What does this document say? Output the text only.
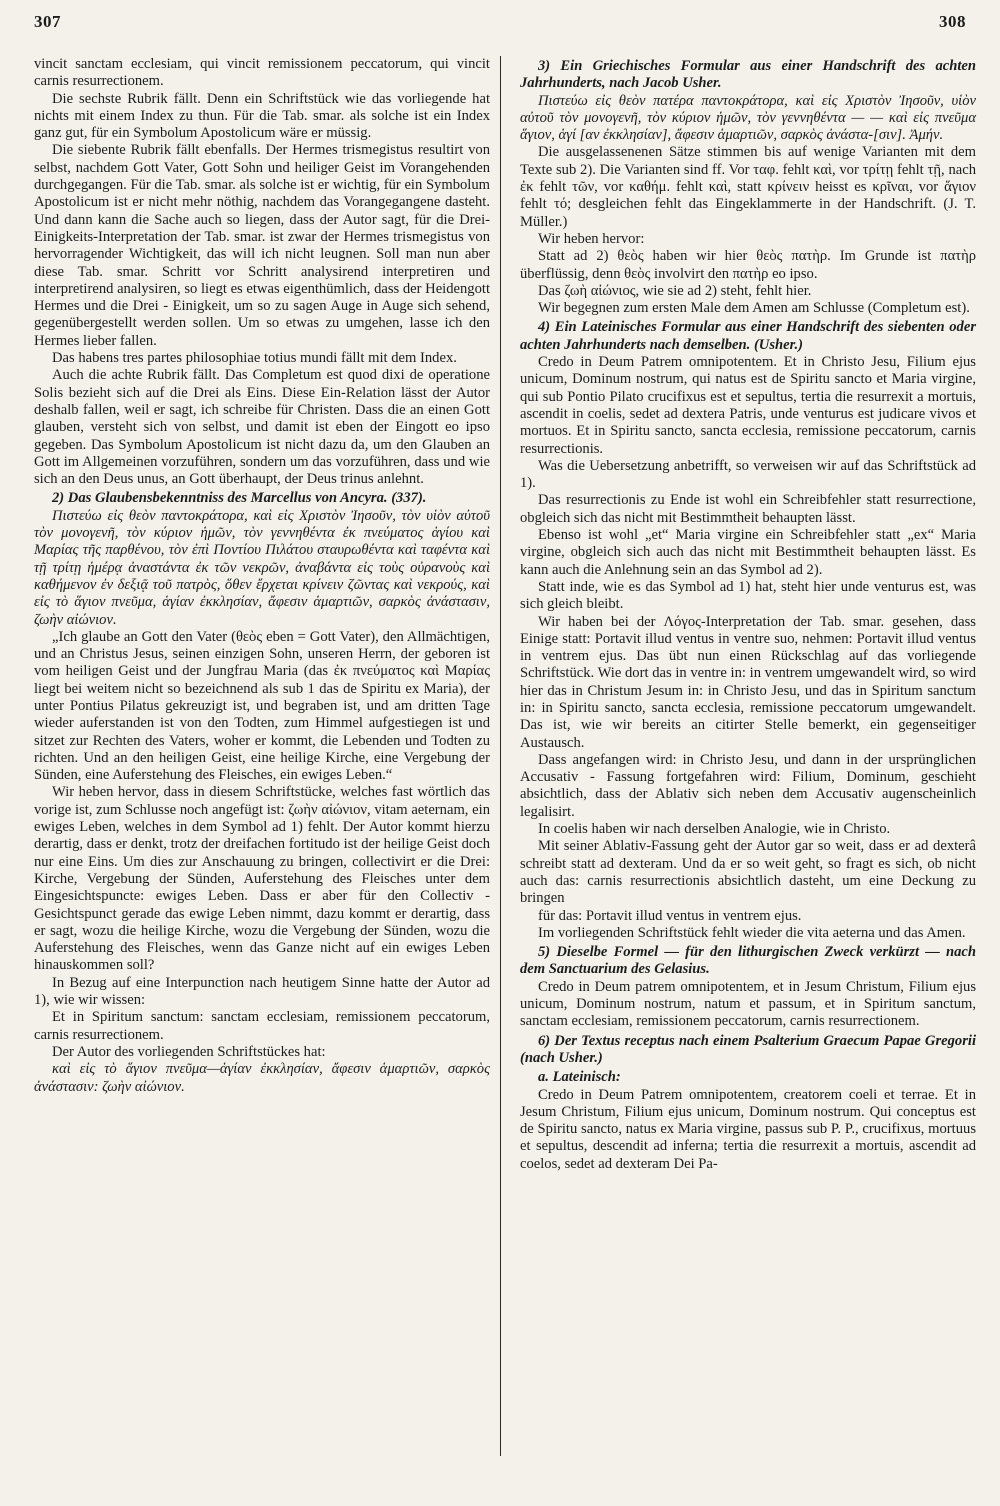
307	308

vincit sanctam ecclesiam, qui vincit remissionem peccatorum, qui vincit carnis resurrectionem.

Die sechste Rubrik fällt. Denn ein Schriftstück wie das vorliegende hat nichts mit einem Index zu thun. Für die Tab. smar. als solche ist ein Index ganz gut, für ein Symbolum Apostolicum wäre er müssig.

Die siebente Rubrik fällt ebenfalls. Der Hermes trismegistus resultirt von selbst, nachdem Gott Vater, Gott Sohn und heiliger Geist im Vorangehenden durchgegangen. Für die Tab. smar. als solche ist er wichtig, für ein Symbolum Apostolicum ist er nicht mehr nöthig, nachdem das Vorangegangene dasteht. Und dann kann die Sache auch so liegen, dass der Autor sagt, für die Drei-Einigkeits-Interpretation der Tab. smar. ist zwar der Hermes trismegistus von hervorragender Wichtigkeit, das will ich nicht leugnen. Soll man nun aber diese Tab. smar. Schritt vor Schritt analysirend interpretiren und interpretirend analysiren, so liegt es etwas eigenthümlich, dass der Heidengott Hermes und die Drei - Einigkeit, um so zu sagen Auge in Auge sich sehend, gegenübergestellt werden sollen. Um so etwas zu umgehen, lasse ich den Hermes lieber fallen.

Das habens tres partes philosophiae totius mundi fällt mit dem Index.

Auch die achte Rubrik fällt. Das Completum est quod dixi de operatione Solis bezieht sich auf die Drei als Eins. Diese Ein-Relation lässt der Autor deshalb fallen, weil er sagt, ich schreibe für Christen. Dass die an einen Gott glauben, versteht sich von selbst, und damit ist eben der Eingott eo ipso gegeben. Das Symbolum Apostolicum ist nicht dazu da, um den Glauben an Gott im Allgemeinen vorzuführen, sondern um das vorzuführen, dass und wie sich an den Deus unus, an Gott überhaupt, der Deus trinus anlehnt.

2) Das Glaubensbekenntniss des Marcellus von Ancyra. (337).

Πιστεύω εἰς θεὸν παντοκράτορα, καὶ εἰς Χριστὸν Ἰησοῦν, τὸν υἱὸν αὐτοῦ τὸν μονογενῆ, τὸν κύριον ἡμῶν, τὸν γεννηθέντα ἐκ πνεύματος ἁγίου καὶ Μαρίας τῆς παρθένου, τὸν ἐπὶ Ποντίου Πιλάτου σταυρωθέντα καὶ ταφέντα καὶ τῇ τρίτῃ ἡμέρᾳ ἀναστάντα ἐκ τῶν νεκρῶν, ἀναβάντα εἰς τοὺς οὐρανοὺς καὶ καθήμενον ἐν δεξιᾷ τοῦ πατρὸς, ὅθεν ἔρχεται κρίνειν ζῶντας καὶ νεκρούς, καὶ εἰς τὸ ἅγιον πνεῦμα, ἁγίαν ἐκκλησίαν, ἄφεσιν ἁμαρτιῶν, σαρκὸς ἀνάστασιν, ζωὴν αἰώνιον.

„Ich glaube an Gott den Vater (θεὸς eben = Gott Vater), den Allmächtigen, und an Christus Jesus, seinen einzigen Sohn, unseren Herrn, der geboren ist vom heiligen Geist und der Jungfrau Maria (das ἐκ πνεύματος καὶ Μαρίας liegt bei weitem nicht so bezeichnend als sub 1 das de Spiritu ex Maria), der unter Pontius Pilatus gekreuzigt ist, und begraben ist, und am dritten Tage wieder auferstanden ist von den Todten, zum Himmel aufgestiegen ist und sitzet zur Rechten des Vaters, woher er kommt, die Lebenden und Todten zu richten. Und an den heiligen Geist, eine heilige Kirche, eine Vergebung der Sünden, eine Auferstehung des Fleisches, ein ewiges Leben.“

Wir heben hervor, dass in diesem Schriftstücke, welches fast wörtlich das vorige ist, zum Schlusse noch angefügt ist: ζωὴν αἰώνιον, vitam aeternam, ein ewiges Leben, welches in dem Symbol ad 1) fehlt. Der Autor kommt hierzu derartig, dass er denkt, trotz der dreifachen fortitudo ist der heilige Geist doch nur eine Eins. Um dies zur Anschauung zu bringen, collectivirt er die Drei: Kirche, Vergebung der Sünden, Auferstehung des Fleisches unter dem Eingesichtspuncte: ewiges Leben. Dass er aber für den Collectiv - Gesichtspunct gerade das ewige Leben nimmt, dazu kommt er derartig, dass er sagt, wozu die heilige Kirche, wozu die Vergebung der Sünden, wozu die Auferstehung des Fleisches, wenn das Ganze nicht auf ein ewiges Leben hinauskommen soll?

In Bezug auf eine Interpunction nach heutigem Sinne hatte der Autor ad 1), wie wir wissen:

Et in Spiritum sanctum: sanctam ecclesiam, remissionem peccatorum, carnis resurrectionem.

Der Autor des vorliegenden Schriftstückes hat:

καὶ εἰς τὸ ἅγιον πνεῦμα—ἁγίαν ἐκκλησίαν, ἄφεσιν ἁμαρτιῶν, σαρκὸς ἀνάστασιν: ζωὴν αἰώνιον.

3) Ein Griechisches Formular aus einer Handschrift des achten Jahrhunderts, nach Jacob Usher.

Πιστεύω εἰς θεὸν πατέρα παντοκράτορα, καὶ εἰς Χριστὸν Ἰησοῦν, υἱὸν αὐτοῦ τὸν μονογενῆ, τὸν κύριον ἡμῶν, τὸν γεννηθέντα — — καὶ εἰς πνεῦμα ἅγιον, ἁγί [αν ἐκκλησίαν], ἄφεσιν ἁμαρτιῶν, σαρκὸς ἀνάστα-[σιν]. Ἀμήν.

Die ausgelassenenen Sätze stimmen bis auf wenige Varianten mit dem Texte sub 2). Die Varianten sind ff. Vor ταφ. fehlt καὶ, vor τρίτῃ fehlt τῇ, nach ἐκ fehlt τῶν, vor καθήμ. fehlt καὶ, statt κρίνειν heisst es κρῖναι, vor ἅγιον fehlt τό; desgleichen fehlt das Eingeklammerte in der Handschrift. (J. T. Müller.)

Wir heben hervor:

Statt ad 2) θεὸς haben wir hier θεὸς πατὴρ. Im Grunde ist πατὴρ überflüssig, denn θεὸς involvirt den πατὴρ eo ipso.

Das ζωὴ αἰώνιος, wie sie ad 2) steht, fehlt hier.

Wir begegnen zum ersten Male dem Amen am Schlusse (Completum est).

4) Ein Lateinisches Formular aus einer Handschrift des siebenten oder achten Jahrhunderts nach demselben. (Usher.)

Credo in Deum Patrem omnipotentem. Et in Christo Jesu, Filium ejus unicum, Dominum nostrum, qui natus est de Spiritu sancto et Maria virgine, qui sub Pontio Pilato crucifixus est et sepultus, tertia die resurrexit a mortuis, ascendit in coelis, sedet ad dextera Patris, unde venturus est judicare vivos et mortuos. Et in Spiritu sancto, sancta ecclesia, remissione peccatorum, carnis resurrectionis.

Was die Uebersetzung anbetrifft, so verweisen wir auf das Schriftstück ad 1).

Das resurrectionis zu Ende ist wohl ein Schreibfehler statt resurrectione, obgleich sich das nicht mit Bestimmtheit behaupten lässt.

Ebenso ist wohl „et“ Maria virgine ein Schreibfehler statt „ex“ Maria virgine, obgleich sich auch das nicht mit Bestimmtheit behaupten lässt. Es kann auch die Anlehnung sein an das Symbol ad 2).

Statt inde, wie es das Symbol ad 1) hat, steht hier unde venturus est, was sich gleich bleibt.

Wir haben bei der Λόγος-Interpretation der Tab. smar. gesehen, dass Einige statt: Portavit illud ventus in ventre suo, nehmen: Portavit illud ventus in ventrem ejus. Das übt nun einen Rückschlag auf das vorliegende Schriftstück. Wie dort das in ventre in: in ventrem umgewandelt wird, so wird hier das in Christum Jesum in: in Christo Jesu, und das in Spiritum sanctum in: in Spiritu sancto, sancta ecclesia, remissione peccatorum umgewandelt. Das ist, wie wir bereits an citirter Stelle bemerkt, ein gegenseitiger Austausch.

Dass angefangen wird: in Christo Jesu, und dann in der ursprünglichen Accusativ - Fassung fortgefahren wird: Filium, Dominum, geschieht absichtlich, dass der Ablativ sich neben dem Accusativ augenscheinlich legalisirt.

In coelis haben wir nach derselben Analogie, wie in Christo.

Mit seiner Ablativ-Fassung geht der Autor gar so weit, dass er ad dexterâ schreibt statt ad dexteram. Und da er so weit geht, so fragt es sich, ob nicht auch das: carnis resurrectionis absichtlich dasteht, um eine Deckung zu bringen

für das: Portavit illud ventus in ventrem ejus.

Im vorliegenden Schriftstück fehlt wieder die vita aeterna und das Amen.

5) Dieselbe Formel — für den lithurgischen Zweck verkürzt — nach dem Sanctuarium des Gelasius.

Credo in Deum patrem omnipotentem, et in Jesum Christum, Filium ejus unicum, Dominum nostrum, natum et passum, et in Spiritum sanctum, sanctam ecclesiam, remissionem peccatorum, carnis resurrectionem.

6) Der Textus receptus nach einem Psalterium Graecum Papae Gregorii (nach Usher.)

a. Lateinisch:

Credo in Deum Patrem omnipotentem, creatorem coeli et terrae. Et in Jesum Christum, Filium ejus unicum, Dominum nostrum. Qui conceptus est de Spiritu sancto, natus ex Maria virgine, passus sub P. P., crucifixus, mortuus et sepultus, descendit ad inferna; tertia die resurrexit a mortuis, ascendit ad coelos, sedet ad dexteram Dei Pa-
